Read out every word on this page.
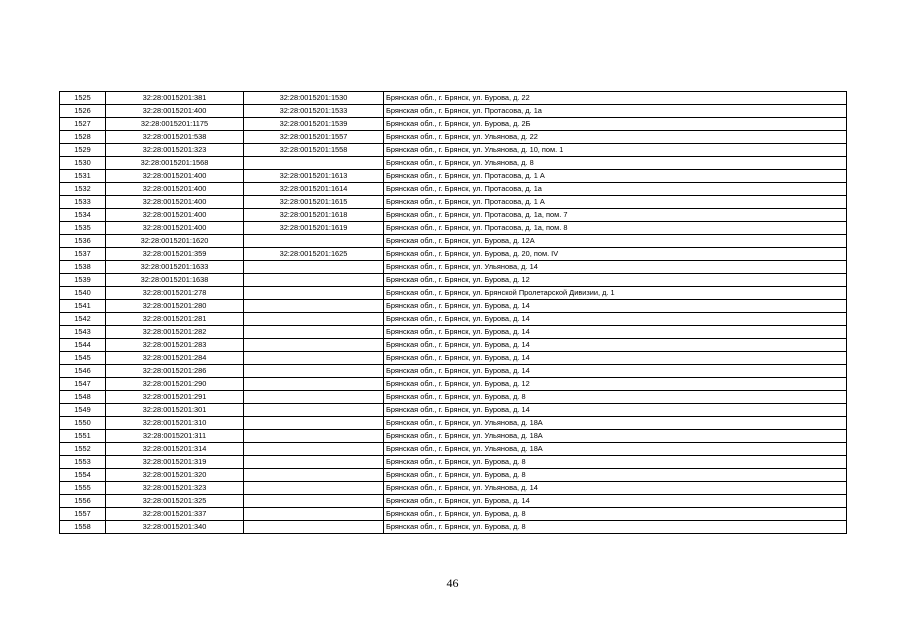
1525	32:28:0015201:381	32:28:0015201:1530	Брянская обл., г. Брянск, ул. Бурова, д. 22
1526	32:28:0015201:400	32:28:0015201:1533	Брянская обл., г. Брянск, ул. Протасова, д. 1а
1527	32:28:0015201:1175	32:28:0015201:1539	Брянская обл., г. Брянск, ул. Бурова, д. 2Б
1528	32:28:0015201:538	32:28:0015201:1557	Брянская обл., г. Брянск, ул. Ульянова, д. 22
1529	32:28:0015201:323	32:28:0015201:1558	Брянская обл., г. Брянск, ул. Ульянова, д. 10, пом. 1
1530	32:28:0015201:1568		Брянская обл., г. Брянск, ул. Ульянова, д. 8
1531	32:28:0015201:400	32:28:0015201:1613	Брянская обл., г. Брянск, ул. Протасова, д. 1 А
1532	32:28:0015201:400	32:28:0015201:1614	Брянская обл., г. Брянск, ул. Протасова, д. 1а
1533	32:28:0015201:400	32:28:0015201:1615	Брянская обл., г. Брянск, ул. Протасова, д. 1 А
1534	32:28:0015201:400	32:28:0015201:1618	Брянская обл., г. Брянск, ул. Протасова, д. 1а, пом. 7
1535	32:28:0015201:400	32:28:0015201:1619	Брянская обл., г. Брянск, ул. Протасова, д. 1а, пом. 8
1536	32:28:0015201:1620		Брянская обл., г. Брянск, ул. Бурова, д. 12А
1537	32:28:0015201:359	32:28:0015201:1625	Брянская обл., г. Брянск, ул. Бурова, д. 20, пом. IV
1538	32:28:0015201:1633		Брянская обл., г. Брянск, ул. Ульянова, д. 14
1539	32:28:0015201:1638		Брянская обл., г. Брянск, ул. Бурова, д. 12
1540	32:28:0015201:278		Брянская обл., г. Брянск, ул. Брянской Пролетарской Дивизии, д. 1
1541	32:28:0015201:280		Брянская обл., г. Брянск, ул. Бурова, д. 14
1542	32:28:0015201:281		Брянская обл., г. Брянск, ул. Бурова, д. 14
1543	32:28:0015201:282		Брянская обл., г. Брянск, ул. Бурова, д. 14
1544	32:28:0015201:283		Брянская обл., г. Брянск, ул. Бурова, д. 14
1545	32:28:0015201:284		Брянская обл., г. Брянск, ул. Бурова, д. 14
1546	32:28:0015201:286		Брянская обл., г. Брянск, ул. Бурова, д. 14
1547	32:28:0015201:290		Брянская обл., г. Брянск, ул. Бурова, д. 12
1548	32:28:0015201:291		Брянская обл., г. Брянск, ул. Бурова, д. 8
1549	32:28:0015201:301		Брянская обл., г. Брянск, ул. Бурова, д. 14
1550	32:28:0015201:310		Брянская обл., г. Брянск, ул. Ульянова, д. 18А
1551	32:28:0015201:311		Брянская обл., г. Брянск, ул. Ульянова, д. 18А
1552	32:28:0015201:314		Брянская обл., г. Брянск, ул. Ульянова, д. 18А
1553	32:28:0015201:319		Брянская обл., г. Брянск, ул. Бурова, д. 8
1554	32:28:0015201:320		Брянская обл., г. Брянск, ул. Бурова, д. 8
1555	32:28:0015201:323		Брянская обл., г. Брянск, ул. Ульянова, д. 14
1556	32:28:0015201:325		Брянская обл., г. Брянск, ул. Бурова, д. 14
1557	32:28:0015201:337		Брянская обл., г. Брянск, ул. Бурова, д. 8
1558	32:28:0015201:340		Брянская обл., г. Брянск, ул. Бурова, д. 8
46
